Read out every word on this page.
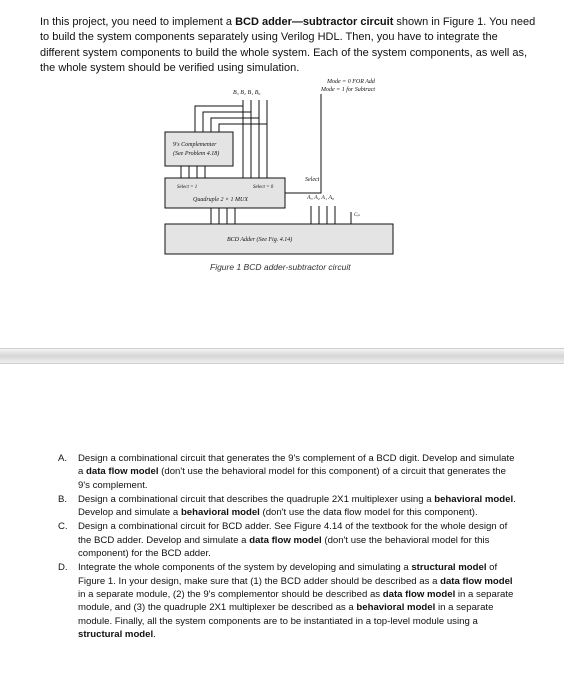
In this project, you need to implement a BCD adder—subtractor circuit shown in Figure 1. You need to build the system components separately using Verilog HDL. Then, you have to integrate the different system components to build the whole system. Each of the system components, as well as, the whole system should be verified using simulation.

Mode = 0 FOR Add
Mode = 1 for Subtract
B₃ B₂ B₁ B₀
9's Complementer
(See Problem 4.18)
Select = 1	Select = 0
Quadruple 2 × 1 MUX
Select
A₃ A₂ A₁ A₀
Cᵢₙ
BCD Adder (See Fig. 4.14)
Figure 1 BCD adder-subtractor circuit
A. Design a combinational circuit that generates the 9's complement of a BCD digit. Develop and simulate a data flow model (don't use the behavioral model for this component) of a circuit that generates the 9's complement.
B. Design a combinational circuit that describes the quadruple 2X1 multiplexer using a behavioral model. Develop and simulate a behavioral model (don't use the data flow model for this component).
C. Design a combinational circuit for BCD adder. See Figure 4.14 of the textbook for the whole design of the BCD adder. Develop and simulate a data flow model (don't use the behavioral model for this component) for the BCD adder.
D. Integrate the whole components of the system by developing and simulating a structural model of Figure 1. In your design, make sure that (1) the BCD adder should be described as a data flow model in a separate module, (2) the 9's complementor should be described as data flow model in a separate module, and (3) the quadruple 2X1 multiplexer be described as a behavioral model in a separate module. Finally, all the system components are to be instantiated in a top-level module using a structural model.
